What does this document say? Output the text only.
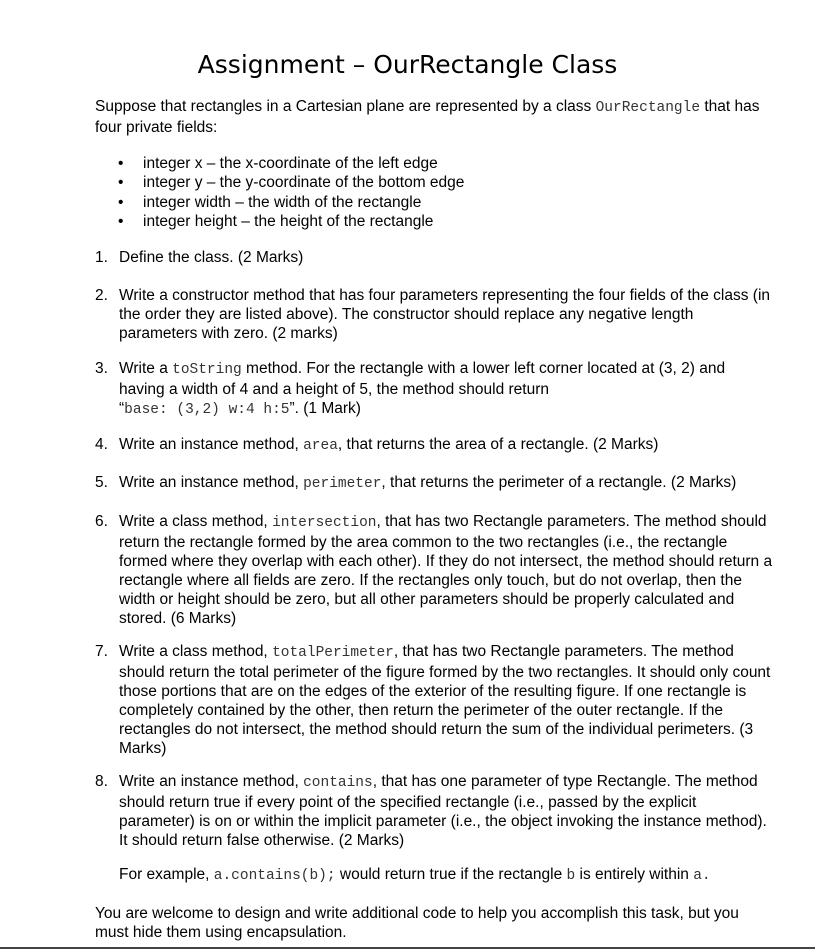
Assignment – OurRectangle Class
Suppose that rectangles in a Cartesian plane are represented by a class OurRectangle that has four private fields:
• integer x – the x-coordinate of the left edge
• integer y – the y-coordinate of the bottom edge
• integer width – the width of the rectangle
• integer height – the height of the rectangle
1. Define the class. (2 Marks)
2. Write a constructor method that has four parameters representing the four fields of the class (in the order they are listed above). The constructor should replace any negative length parameters with zero. (2 marks)
3. Write a toString method. For the rectangle with a lower left corner located at (3, 2) and having a width of 4 and a height of 5, the method should return
“base: (3,2) w:4 h:5”. (1 Mark)
4. Write an instance method, area, that returns the area of a rectangle. (2 Marks)
5. Write an instance method, perimeter, that returns the perimeter of a rectangle. (2 Marks)
6. Write a class method, intersection, that has two Rectangle parameters. The method should return the rectangle formed by the area common to the two rectangles (i.e., the rectangle formed where they overlap with each other). If they do not intersect, the method should return a rectangle where all fields are zero. If the rectangles only touch, but do not overlap, then the width or height should be zero, but all other parameters should be properly calculated and stored. (6 Marks)
7. Write a class method, totalPerimeter, that has two Rectangle parameters. The method should return the total perimeter of the figure formed by the two rectangles. It should only count those portions that are on the edges of the exterior of the resulting figure. If one rectangle is completely contained by the other, then return the perimeter of the outer rectangle. If the rectangles do not intersect, the method should return the sum of the individual perimeters. (3 Marks)
8. Write an instance method, contains, that has one parameter of type Rectangle. The method should return true if every point of the specified rectangle (i.e., passed by the explicit parameter) is on or within the implicit parameter (i.e., the object invoking the instance method). It should return false otherwise. (2 Marks)
For example, a.contains(b); would return true if the rectangle b is entirely within a.
You are welcome to design and write additional code to help you accomplish this task, but you must hide them using encapsulation.
